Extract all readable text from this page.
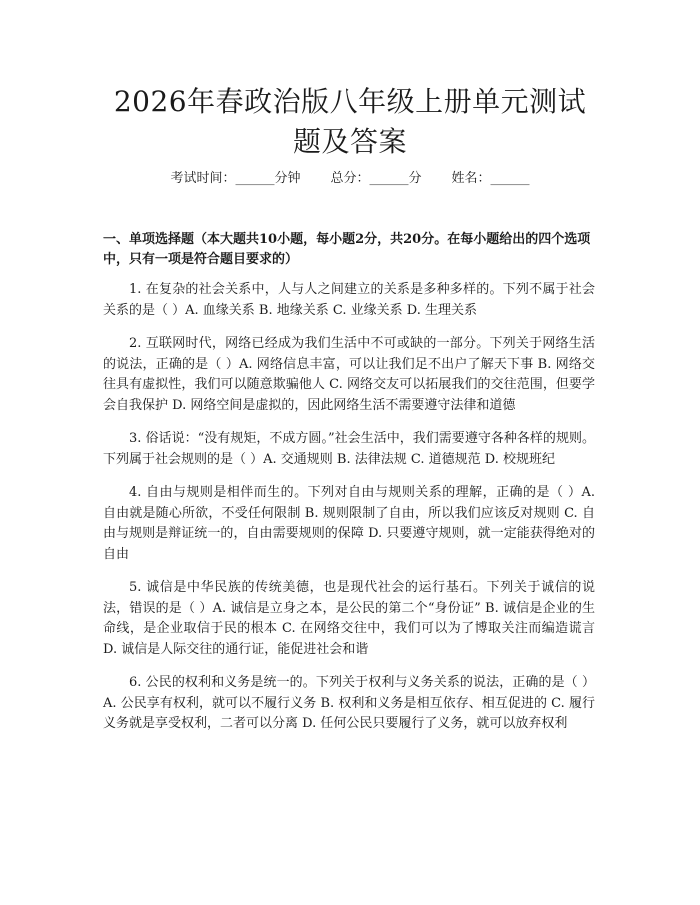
2026年春政治版八年级上册单元测试题及答案
考试时间：______分钟 总分：______分 姓名：______
一、单项选择题（本大题共10小题，每小题2分，共20分。在每小题给出的四个选项中，只有一项是符合题目要求的）

1. 在复杂的社会关系中，人与人之间建立的关系是多种多样的。下列不属于社会关系的是（ ）A. 血缘关系 B. 地缘关系 C. 业缘关系 D. 生理关系

2. 互联网时代，网络已经成为我们生活中不可或缺的一部分。下列关于网络生活的说法，正确的是（ ）A. 网络信息丰富，可以让我们足不出户了解天下事 B. 网络交往具有虚拟性，我们可以随意欺骗他人 C. 网络交友可以拓展我们的交往范围，但要学会自我保护 D. 网络空间是虚拟的，因此网络生活不需要遵守法律和道德

3. 俗话说：“没有规矩，不成方圆。”社会生活中，我们需要遵守各种各样的规则。下列属于社会规则的是（ ）A. 交通规则 B. 法律法规 C. 道德规范 D. 校规班纪

4. 自由与规则是相伴而生的。下列对自由与规则关系的理解，正确的是（ ）A. 自由就是随心所欲，不受任何限制 B. 规则限制了自由，所以我们应该反对规则 C. 自由与规则是辩证统一的，自由需要规则的保障 D. 只要遵守规则，就一定能获得绝对的自由

5. 诚信是中华民族的传统美德，也是现代社会的运行基石。下列关于诚信的说法，错误的是（ ）A. 诚信是立身之本，是公民的第二个“身份证” B. 诚信是企业的生命线，是企业取信于民的根本 C. 在网络交往中，我们可以为了博取关注而编造谎言 D. 诚信是人际交往的通行证，能促进社会和谐

6. 公民的权利和义务是统一的。下列关于权利与义务关系的说法，正确的是（ ）A. 公民享有权利，就可以不履行义务 B. 权利和义务是相互依存、相互促进的 C. 履行义务就是享受权利，二者可以分离 D. 任何公民只要履行了义务，就可以放弃权利
